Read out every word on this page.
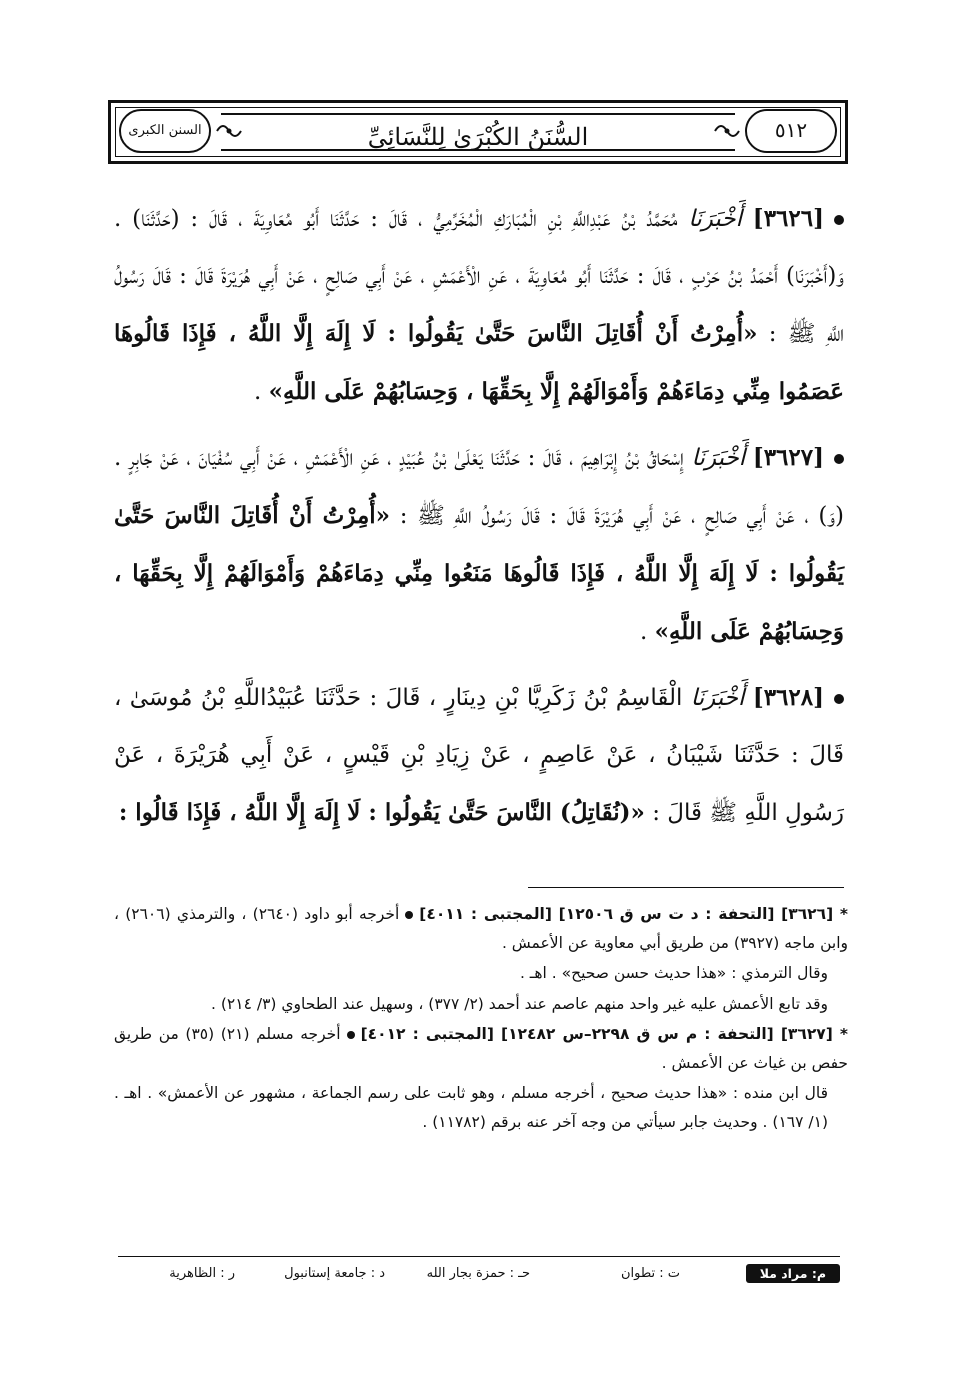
السُّنَنُ الكُبْرَىٰ لِلنَّسَائِيِّ	٥١٢
السنن الكبرى
[٣٦٢٦] أَخْبَرَنَا مُحَمَّدُ بْنُ عَبْدِاللَّهِ بْنِ الْمُبَارَكِ الْمُخَرِّمِيُّ ، قَالَ : حَدَّثَنَا أَبُو مُعَاوِيَةَ ، قَالَ : (حَدَّثَنَا) . وَ(أَخْبَرَنَا) أَحْمَدُ بْنُ حَرْبٍ ، قَالَ : حَدَّثَنَا أَبُو مُعَاوِيَةَ ، عَنِ الْأَعْمَشِ ، عَنْ أَبِي صَالِحٍ ، عَنْ أَبِي هُرَيْرَةَ قَالَ : قَالَ رَسُولُ اللَّهِ ﷺ : «أُمِرْتُ أَنْ أُقَاتِلَ النَّاسَ حَتَّىٰ يَقُولُوا : لَا إِلَهَ إِلَّا اللَّهُ ، فَإِذَا قَالُوهَا عَصَمُوا مِنِّي دِمَاءَهُمْ وَأَمْوَالَهُمْ إِلَّا بِحَقِّهَا ، وَحِسَابُهُمْ عَلَى اللَّهِ» .
[٣٦٢٧] أَخْبَرَنَا إِسْحَاقُ بْنُ إِبْرَاهِيمَ ، قَالَ : حَدَّثَنَا يَعْلَىٰ بْنُ عُبَيْدٍ ، عَنِ الْأَعْمَشِ ، عَنْ أَبِي سُفْيَانَ ، عَنْ جَابِرٍ . (وَ) ، عَنْ أَبِي صَالِحٍ ، عَنْ أَبِي هُرَيْرَةَ قَالَ : قَالَ رَسُولُ اللَّهِ ﷺ : «أُمِرْتُ أَنْ أُقَاتِلَ النَّاسَ حَتَّىٰ يَقُولُوا : لَا إِلَهَ إِلَّا اللَّهُ ، فَإِذَا قَالُوهَا مَنَعُوا مِنِّي دِمَاءَهُمْ وَأَمْوَالَهُمْ إِلَّا بِحَقِّهَا ، وَحِسَابُهُمْ عَلَى اللَّهِ» .
[٣٦٢٨] أَخْبَرَنَا الْقَاسِمُ بْنُ زَكَرِيَّا بْنِ دِينَارٍ ، قَالَ : حَدَّثَنَا عُبَيْدُاللَّهِ بْنُ مُوسَىٰ ، قَالَ : حَدَّثَنَا شَيْبَانُ ، عَنْ عَاصِمٍ ، عَنْ زِيَادِ بْنِ قَيْسٍ ، عَنْ أَبِي هُرَيْرَةَ ، عَنْ رَسُولِ اللَّهِ ﷺ قَالَ : «(نُقَاتِلُ) النَّاسَ حَتَّىٰ يَقُولُوا : لَا إِلَهَ إِلَّا اللَّهُ ، فَإِذَا قَالُوا :
* [٣٦٢٦] [التحفة : د ت س ق ١٢٥٠٦] [المجتبى : ٤٠١١]أخرجه أبو داود (٢٦٤٠) ، والترمذي (٢٦٠٦) ، وابن ماجه (٣٩٢٧) من طريق أبي معاوية عن الأعمش .
وقال الترمذي : «هذا حديث حسن صحيح» . اهـ .
وقد تابع الأعمش عليه غير واحد منهم عاصم عند أحمد (٢/ ٣٧٧) ، وسهيل عند الطحاوي (٣/ ٢١٤) .
* [٣٦٢٧] [التحفة : م س ق ٢٢٩٨–س ١٢٤٨٢] [المجتبى : ٤٠١٢]أخرجه مسلم (٢١) (٣٥) من طريق حفص بن غياث عن الأعمش .
قال ابن منده : «هذا حديث صحيح ، أخرجه مسلم ، وهو ثابت على رسم الجماعة ، مشهور عن الأعمش» . اهـ . (١/ ١٦٧) . وحديث جابر سيأتي من وجه آخر عنه برقم (١١٧٨٢) .
م: مراد ملا
ت : تطوان
حـ : حمزة بجار الله
د : جامعة إستانبول
ر : الظاهرية
